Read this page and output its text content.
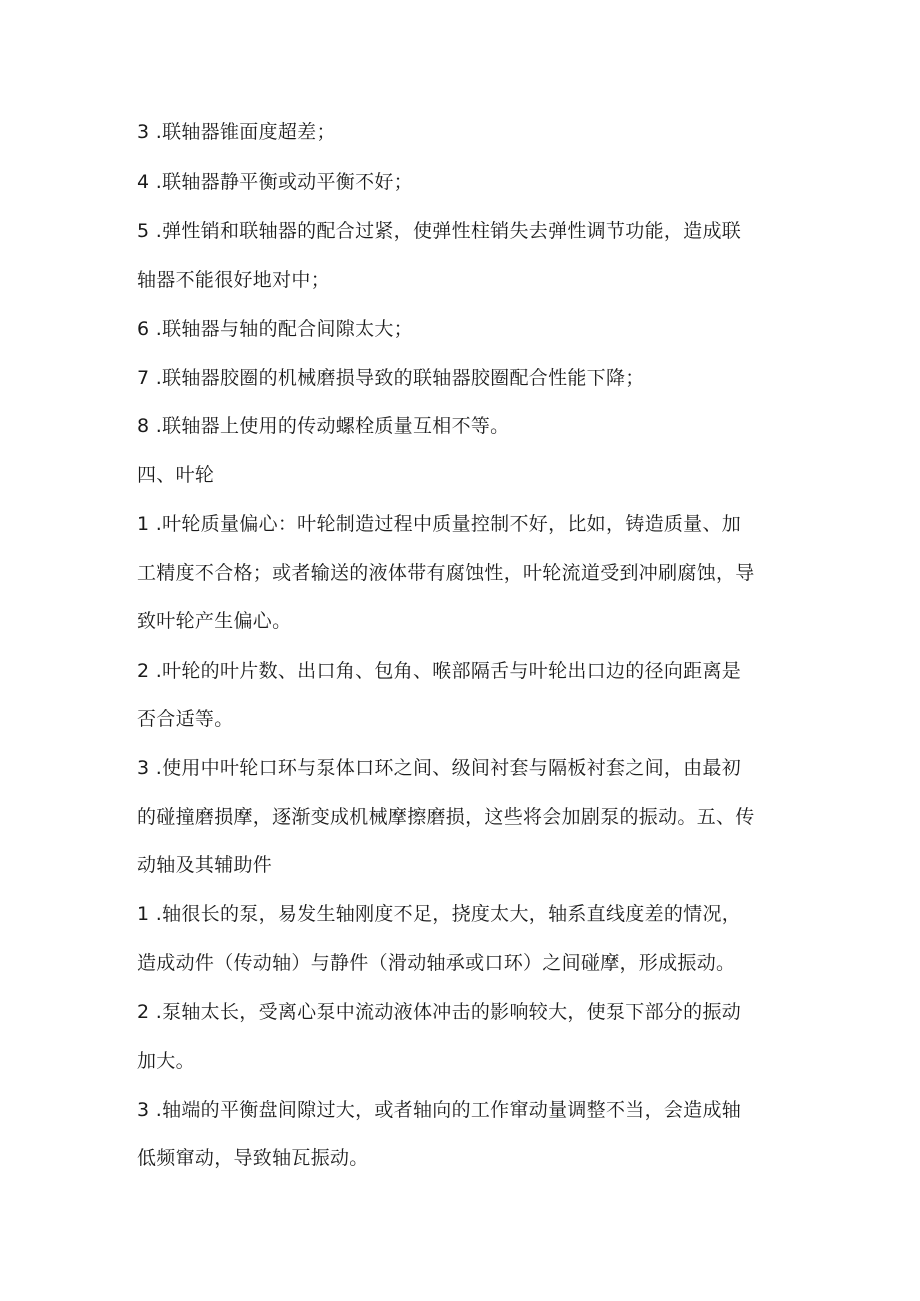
3 .联轴器锥面度超差；
4 .联轴器静平衡或动平衡不好；
5 .弹性销和联轴器的配合过紧，使弹性柱销失去弹性调节功能，造成联
轴器不能很好地对中；
6 .联轴器与轴的配合间隙太大；
7 .联轴器胶圈的机械磨损导致的联轴器胶圈配合性能下降；
8 .联轴器上使用的传动螺栓质量互相不等。
四、叶轮
1 .叶轮质量偏心：叶轮制造过程中质量控制不好，比如，铸造质量、加
工精度不合格；或者输送的液体带有腐蚀性，叶轮流道受到冲刷腐蚀，导
致叶轮产生偏心。
2 .叶轮的叶片数、出口角、包角、喉部隔舌与叶轮出口边的径向距离是
否合适等。
3 .使用中叶轮口环与泵体口环之间、级间衬套与隔板衬套之间，由最初
的碰撞磨损摩，逐渐变成机械摩擦磨损，这些将会加剧泵的振动。五、传
动轴及其辅助件
1 .轴很长的泵，易发生轴刚度不足，挠度太大，轴系直线度差的情况，
造成动件（传动轴）与静件（滑动轴承或口环）之间碰摩，形成振动。
2 .泵轴太长，受离心泵中流动液体冲击的影响较大，使泵下部分的振动
加大。
3 .轴端的平衡盘间隙过大，或者轴向的工作窜动量调整不当，会造成轴
低频窜动，导致轴瓦振动。
